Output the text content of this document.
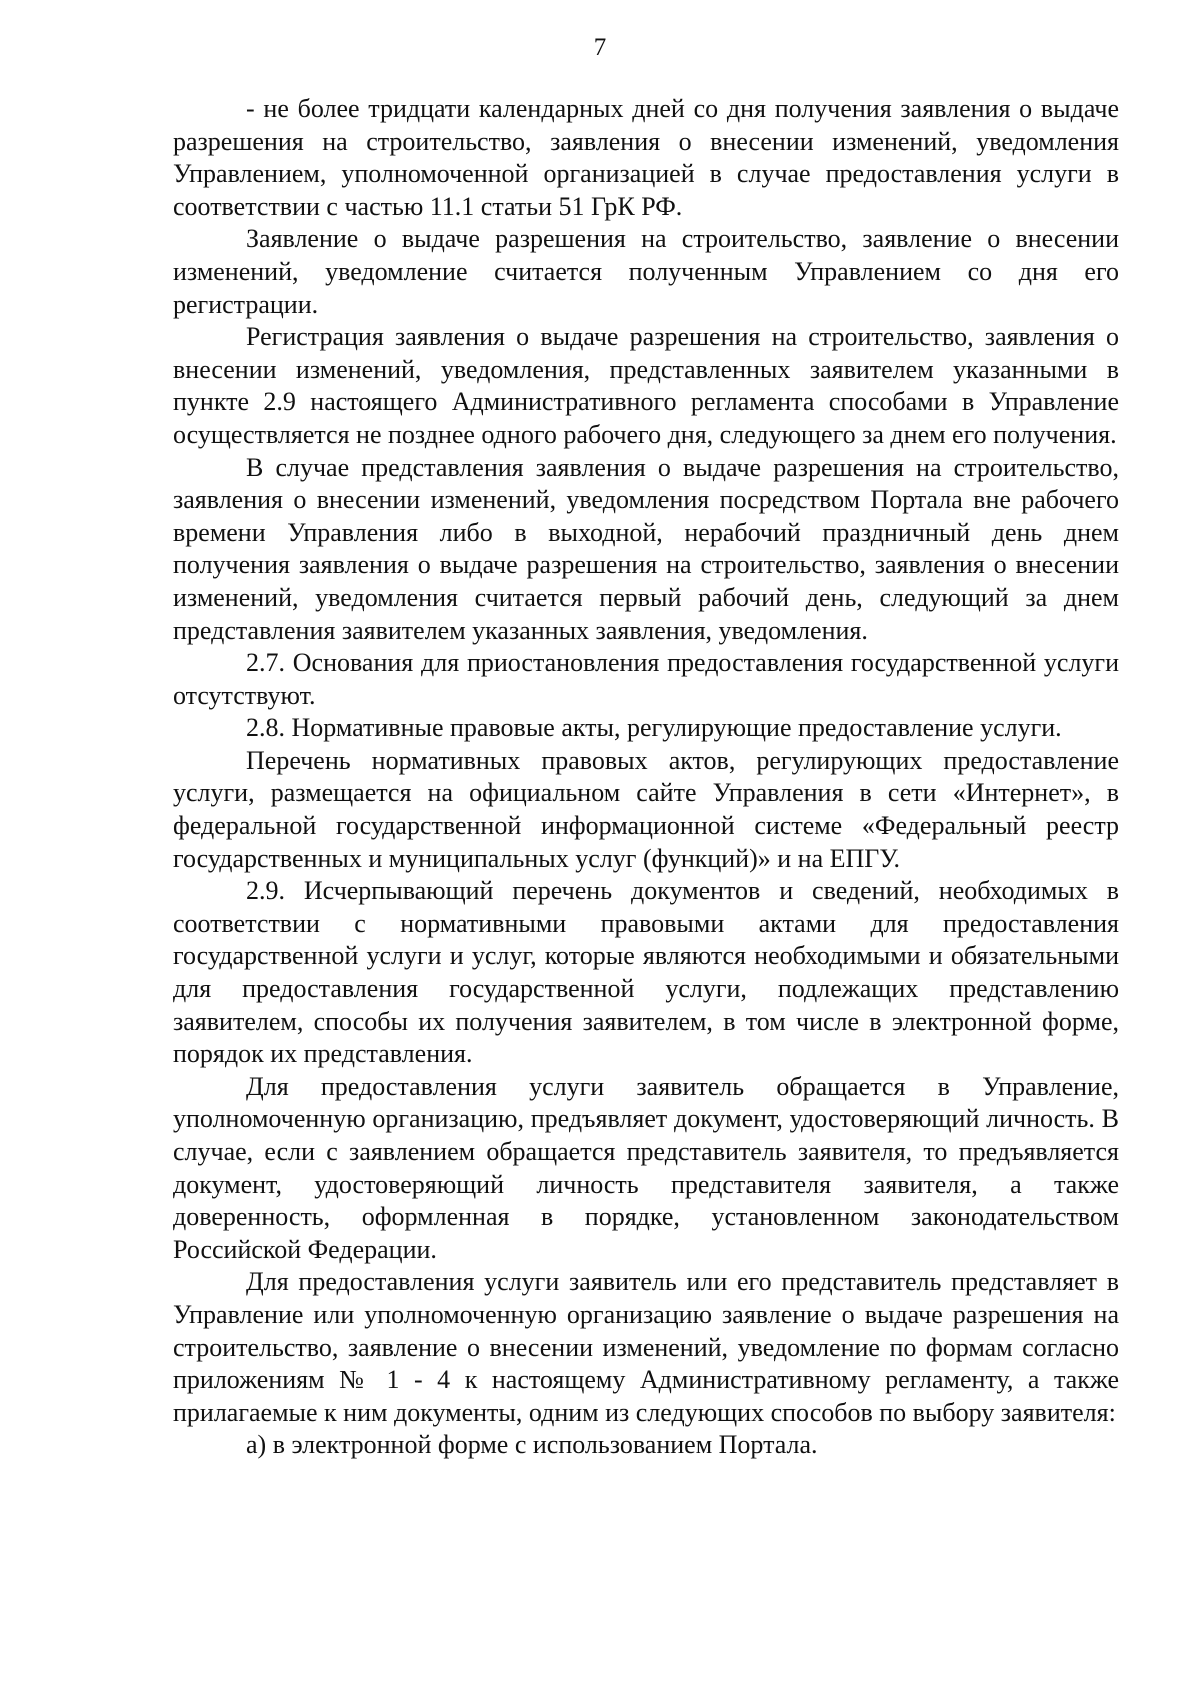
7

- не более тридцати календарных дней со дня получения заявления о выдаче разрешения на строительство, заявления о внесении изменений, уведомления Управлением, уполномоченной организацией в случае предоставления услуги в соответствии с частью 11.1 статьи 51 ГрК РФ.

Заявление о выдаче разрешения на строительство, заявление о внесении изменений, уведомление считается полученным Управлением со дня его регистрации.

Регистрация заявления о выдаче разрешения на строительство, заявления о внесении изменений, уведомления, представленных заявителем указанными в пункте 2.9 настоящего Административного регламента способами в Управление осуществляется не позднее одного рабочего дня, следующего за днем его получения.

В случае представления заявления о выдаче разрешения на строительство, заявления о внесении изменений, уведомления посредством Портала вне рабочего времени Управления либо в выходной, нерабочий праздничный день днем получения заявления о выдаче разрешения на строительство, заявления о внесении изменений, уведомления считается первый рабочий день, следующий за днем представления заявителем указанных заявления, уведомления.

2.7. Основания для приостановления предоставления государственной услуги отсутствуют.

2.8. Нормативные правовые акты, регулирующие предоставление услуги.

Перечень нормативных правовых актов, регулирующих предоставление услуги, размещается на официальном сайте Управления в сети «Интернет», в федеральной государственной информационной системе «Федеральный реестр государственных и муниципальных услуг (функций)» и на ЕПГУ.

2.9. Исчерпывающий перечень документов и сведений, необходимых в соответствии с нормативными правовыми актами для предоставления государственной услуги и услуг, которые являются необходимыми и обязательными для предоставления государственной услуги, подлежащих представлению заявителем, способы их получения заявителем, в том числе в электронной форме, порядок их представления.

Для предоставления услуги заявитель обращается в Управление, уполномоченную организацию, предъявляет документ, удостоверяющий личность. В случае, если с заявлением обращается представитель заявителя, то предъявляется документ, удостоверяющий личность представителя заявителя, а также доверенность, оформленная в порядке, установленном законодательством Российской Федерации.

Для предоставления услуги заявитель или его представитель представляет в Управление или уполномоченную организацию заявление о выдаче разрешения на строительство, заявление о внесении изменений, уведомление по формам согласно приложениям № 1 - 4 к настоящему Административному регламенту, а также прилагаемые к ним документы, одним из следующих способов по выбору заявителя:

а) в электронной форме с использованием Портала.
